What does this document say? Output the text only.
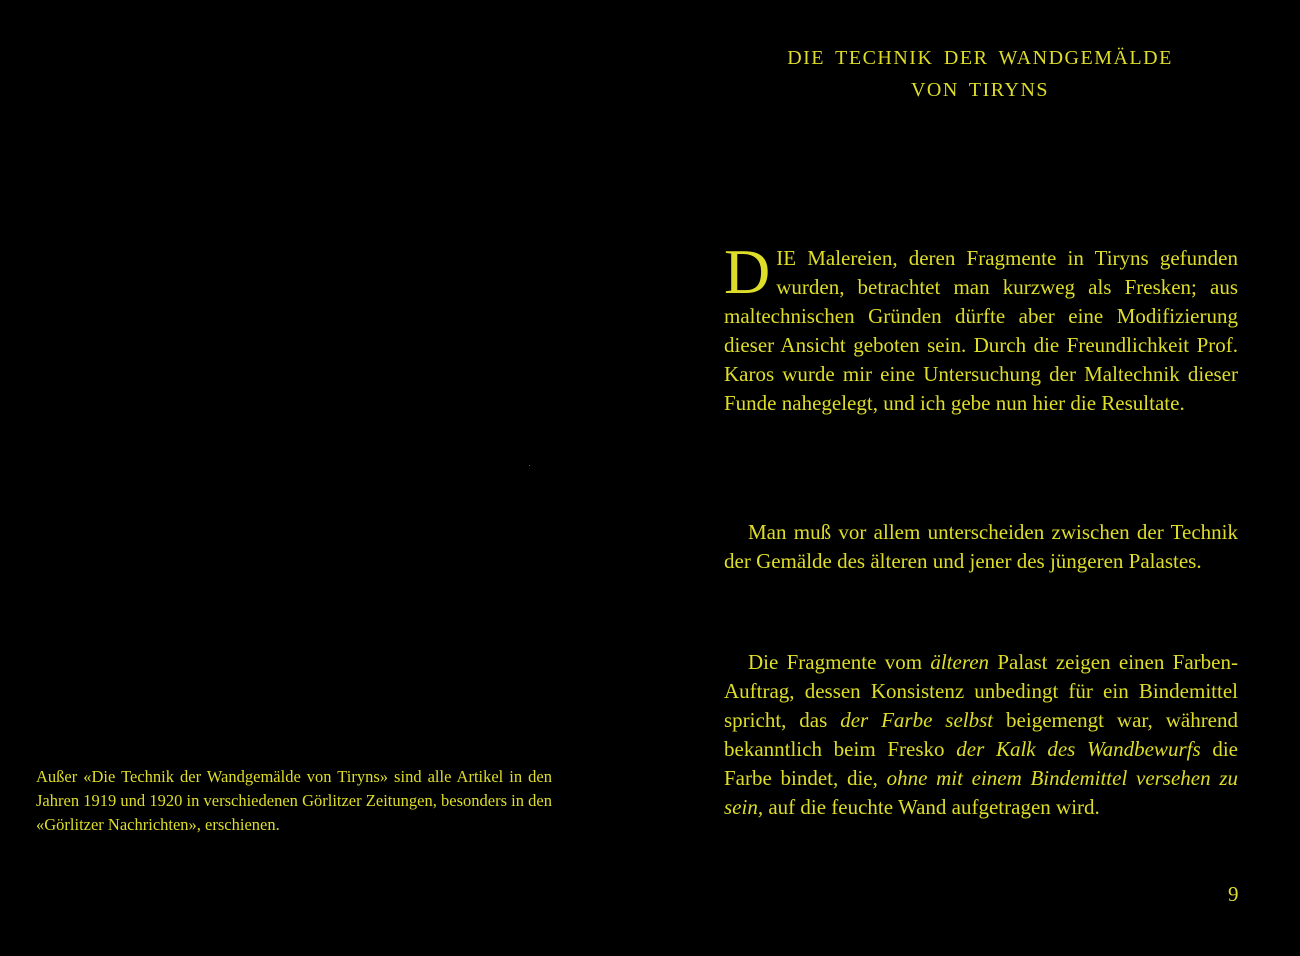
Außer «Die Technik der Wandgemälde von Tiryns» sind alle Artikel in den Jahren 1919 und 1920 in verschiedenen Görlitzer Zeitungen, besonders in den «Görlitzer Nachrichten», erschienen.

DIE TECHNIK DER WANDGEMÄLDE
VON TIRYNS

DIE Malereien, deren Fragmente in Tiryns gefunden wurden, betrachtet man kurzweg als Fresken; aus maltechnischen Gründen dürfte aber eine Modifizierung dieser Ansicht geboten sein. Durch die Freundlichkeit Prof. Karos wurde mir eine Untersuchung der Maltechnik dieser Funde nahegelegt, und ich gebe nun hier die Resultate.

Man muß vor allem unterscheiden zwischen der Technik der Gemälde des älteren und jener des jüngeren Palastes.

Die Fragmente vom älteren Palast zeigen einen Farben-Auftrag, dessen Konsistenz unbedingt für ein Bindemittel spricht, das der Farbe selbst beigemengt war, während bekanntlich beim Fresko der Kalk des Wandbewurfs die Farbe bindet, die, ohne mit einem Bindemittel versehen zu sein, auf die feuchte Wand aufgetragen wird.

9
